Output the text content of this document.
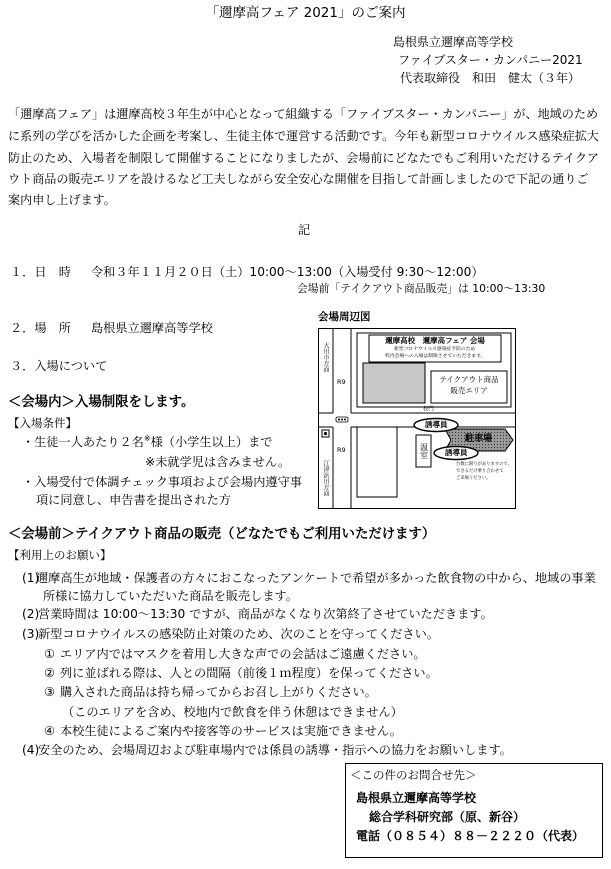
「邇摩高フェア 2021」のご案内
島根県立邇摩高等学校
ファイブスター・カンパニー2021
代表取締役　和田　健太（３年）
「邇摩高フェア」は邇摩高校３年生が中心となって組織する「ファイブスター・カンパニー」が、地域のため
に系列の学びを活かした企画を考案し、生徒主体で運営する活動です。今年も新型コロナウイルス感染症拡大
防止のため、入場者を制限して開催することになりましたが、会場前にどなたでもご利用いただけるテイクア
ウト商品の販売エリアを設けるなど工夫しながら安全安心な開催を目指して計画しましたので下記の通りご
案内申し上げます。
記
１．日　時 令和３年１１月２０日（土）10:00～13:00（入場受付 9:30～12:00）
会場前「テイクアウト商品販売」は 10:00～13:30
２．場　所 島根県立邇摩高等学校
３．入場について
＜会場内＞入場制限をします。
【入場条件】
・生徒一人あたり２名※様（小学生以上）まで
※未就学児は含みません。
・入場受付で体調チェック事項および会場内遵守事
項に同意し、申告書を提出された方
会場周辺図
邇摩高校　邇摩高フェア 会場
新型コロナウイルス感染症予防のため
校内会場への入場は制限させていただきます。
テイクアウト商品
販売エリア
校門
R9
R9
大田市方面
江津浜田方面
温室
誘導員
誘導員
駐車場
台数に限りがありますので、
できるだけ乗り合わせて
ご来場ください。
＜会場前＞テイクアウト商品の販売（どなたでもご利用いただけます）
【利用上のお願い】
(1)
邇摩高生が地域・保護者の方々におこなったアンケートで希望が多かった飲食物の中から、地域の事業
所様に協力していただいた商品を販売します。
(2)
営業時間は 10:00～13:30 ですが、商品がなくなり次第終了させていただきます。
(3)
新型コロナウイルスの感染防止対策のため、次のことを守ってください。
① エリア内ではマスクを着用し大きな声での会話はご遠慮ください。
② 列に並ばれる際は、人との間隔（前後１ｍ程度）を保ってください。
③ 購入された商品は持ち帰ってからお召し上がりください。
（このエリアを含め、校地内で飲食を伴う休憩はできません）
④ 本校生徒によるご案内や接客等のサービスは実施できません。
(4)
安全のため、会場周辺および駐車場内では係員の誘導・指示への協力をお願いします。
＜この件のお問合せ先＞
島根県立邇摩高等学校
総合学科研究部（原、新谷）
電話（０８５４）８８－２２２０（代表）
